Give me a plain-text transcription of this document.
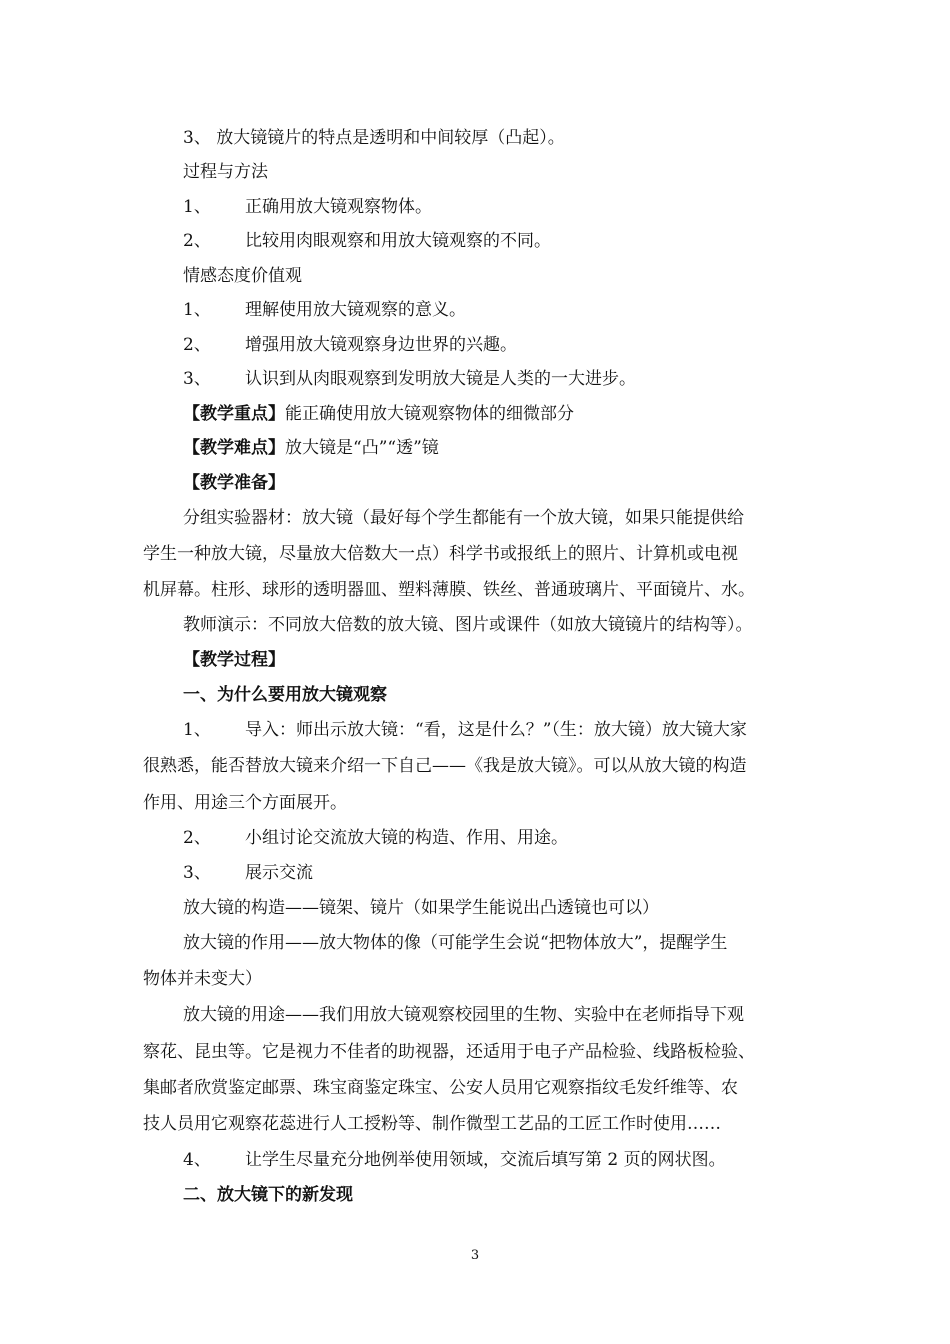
3、 放大镜镜片的特点是透明和中间较厚（凸起）。
过程与方法
1、 正确用放大镜观察物体。
2、 比较用肉眼观察和用放大镜观察的不同。
情感态度价值观
1、 理解使用放大镜观察的意义。
2、 增强用放大镜观察身边世界的兴趣。
3、 认识到从肉眼观察到发明放大镜是人类的一大进步。
【教学重点】能正确使用放大镜观察物体的细微部分
【教学难点】放大镜是“凸”“透”镜
【教学准备】
分组实验器材：放大镜（最好每个学生都能有一个放大镜，如果只能提供给
学生一种放大镜，尽量放大倍数大一点）科学书或报纸上的照片、计算机或电视
机屏幕。柱形、球形的透明器皿、塑料薄膜、铁丝、普通玻璃片、平面镜片、水。
教师演示：不同放大倍数的放大镜、图片或课件（如放大镜镜片的结构等）。
【教学过程】
一、为什么要用放大镜观察
1、 导入：师出示放大镜：“看，这是什么？”（生：放大镜）放大镜大家
很熟悉，能否替放大镜来介绍一下自己——《我是放大镜》。可以从放大镜的构造
作用、用途三个方面展开。
2、 小组讨论交流放大镜的构造、作用、用途。
3、 展示交流
放大镜的构造——镜架、镜片（如果学生能说出凸透镜也可以）
放大镜的作用——放大物体的像（可能学生会说“把物体放大”，提醒学生
物体并未变大）
放大镜的用途——我们用放大镜观察校园里的生物、实验中在老师指导下观
察花、昆虫等。它是视力不佳者的助视器，还适用于电子产品检验、线路板检验、
集邮者欣赏鉴定邮票、珠宝商鉴定珠宝、公安人员用它观察指纹毛发纤维等、农
技人员用它观察花蕊进行人工授粉等、制作微型工艺品的工匠工作时使用……
4、 让学生尽量充分地例举使用领域，交流后填写第 2 页的网状图。
二、放大镜下的新发现
3
